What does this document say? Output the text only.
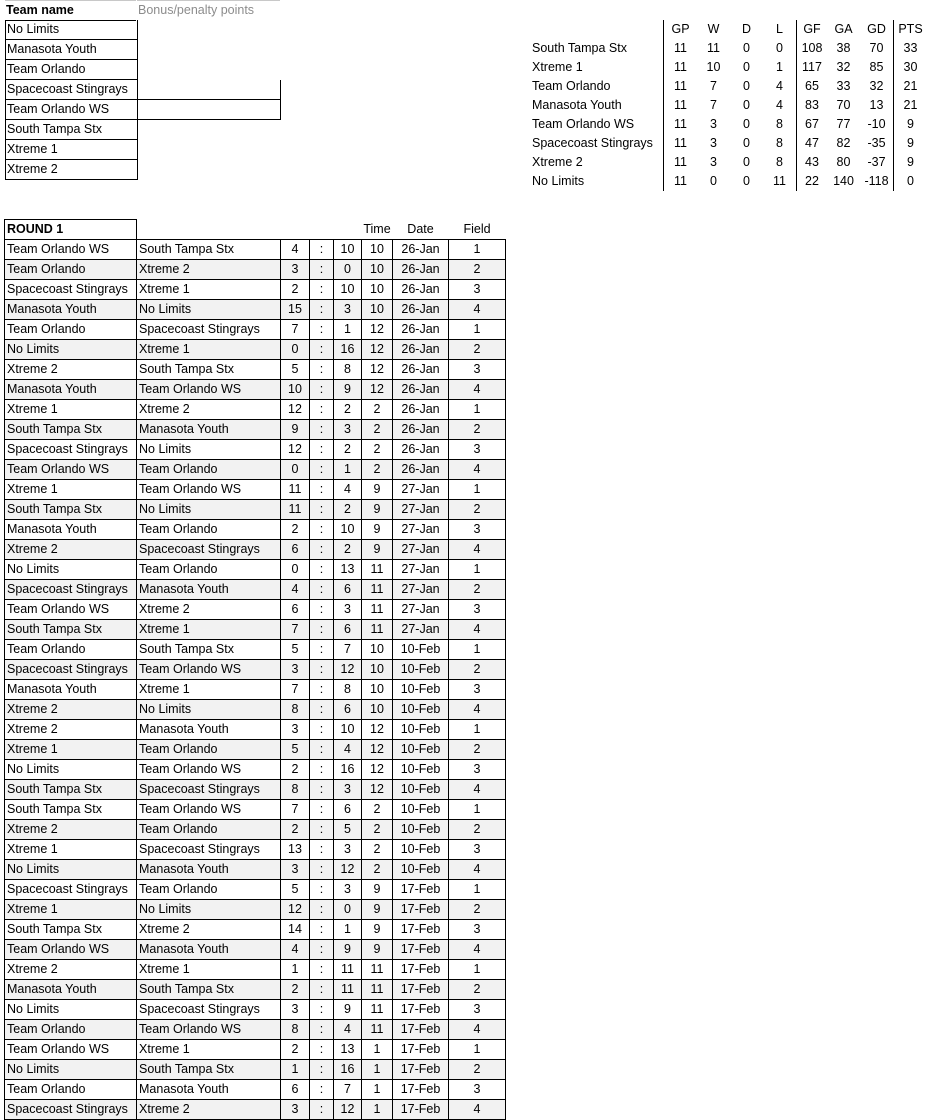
Team name	Bonus/penalty points
No Limits
Manasota Youth
Team Orlando
Spacecoast Stingrays
Team Orlando WS
South Tampa Stx
Xtreme 1
Xtreme 2
	GP	W	D	L	GF	GA	GD	PTS
South Tampa Stx	11	11	0	0	108	38	70	33
Xtreme 1	11	10	0	1	117	32	85	30
Team Orlando	11	7	0	4	65	33	32	21
Manasota Youth	11	7	0	4	83	70	13	21
Team Orlando WS	11	3	0	8	67	77	-10	9
Spacecoast Stingrays	11	3	0	8	47	82	-35	9
Xtreme 2	11	3	0	8	43	80	-37	9
No Limits	11	0	0	11	22	140	-118	0
ROUND 1					Time	Date	Field
Team Orlando WS	South Tampa Stx	4	:	10	10	26-Jan	1
Team Orlando	Xtreme 2	3	:	0	10	26-Jan	2
Spacecoast Stingrays	Xtreme 1	2	:	10	10	26-Jan	3
Manasota Youth	No Limits	15	:	3	10	26-Jan	4
Team Orlando	Spacecoast Stingrays	7	:	1	12	26-Jan	1
No Limits	Xtreme 1	0	:	16	12	26-Jan	2
Xtreme 2	South Tampa Stx	5	:	8	12	26-Jan	3
Manasota Youth	Team Orlando WS	10	:	9	12	26-Jan	4
Xtreme 1	Xtreme 2	12	:	2	2	26-Jan	1
South Tampa Stx	Manasota Youth	9	:	3	2	26-Jan	2
Spacecoast Stingrays	No Limits	12	:	2	2	26-Jan	3
Team Orlando WS	Team Orlando	0	:	1	2	26-Jan	4
Xtreme 1	Team Orlando WS	11	:	4	9	27-Jan	1
South Tampa Stx	No Limits	11	:	2	9	27-Jan	2
Manasota Youth	Team Orlando	2	:	10	9	27-Jan	3
Xtreme 2	Spacecoast Stingrays	6	:	2	9	27-Jan	4
No Limits	Team Orlando	0	:	13	11	27-Jan	1
Spacecoast Stingrays	Manasota Youth	4	:	6	11	27-Jan	2
Team Orlando WS	Xtreme 2	6	:	3	11	27-Jan	3
South Tampa Stx	Xtreme 1	7	:	6	11	27-Jan	4
Team Orlando	South Tampa Stx	5	:	7	10	10-Feb	1
Spacecoast Stingrays	Team Orlando WS	3	:	12	10	10-Feb	2
Manasota Youth	Xtreme 1	7	:	8	10	10-Feb	3
Xtreme 2	No Limits	8	:	6	10	10-Feb	4
Xtreme 2	Manasota Youth	3	:	10	12	10-Feb	1
Xtreme 1	Team Orlando	5	:	4	12	10-Feb	2
No Limits	Team Orlando WS	2	:	16	12	10-Feb	3
South Tampa Stx	Spacecoast Stingrays	8	:	3	12	10-Feb	4
South Tampa Stx	Team Orlando WS	7	:	6	2	10-Feb	1
Xtreme 2	Team Orlando	2	:	5	2	10-Feb	2
Xtreme 1	Spacecoast Stingrays	13	:	3	2	10-Feb	3
No Limits	Manasota Youth	3	:	12	2	10-Feb	4
Spacecoast Stingrays	Team Orlando	5	:	3	9	17-Feb	1
Xtreme 1	No Limits	12	:	0	9	17-Feb	2
South Tampa Stx	Xtreme 2	14	:	1	9	17-Feb	3
Team Orlando WS	Manasota Youth	4	:	9	9	17-Feb	4
Xtreme 2	Xtreme 1	1	:	11	11	17-Feb	1
Manasota Youth	South Tampa Stx	2	:	11	11	17-Feb	2
No Limits	Spacecoast Stingrays	3	:	9	11	17-Feb	3
Team Orlando	Team Orlando WS	8	:	4	11	17-Feb	4
Team Orlando WS	Xtreme 1	2	:	13	1	17-Feb	1
No Limits	South Tampa Stx	1	:	16	1	17-Feb	2
Team Orlando	Manasota Youth	6	:	7	1	17-Feb	3
Spacecoast Stingrays	Xtreme 2	3	:	12	1	17-Feb	4
